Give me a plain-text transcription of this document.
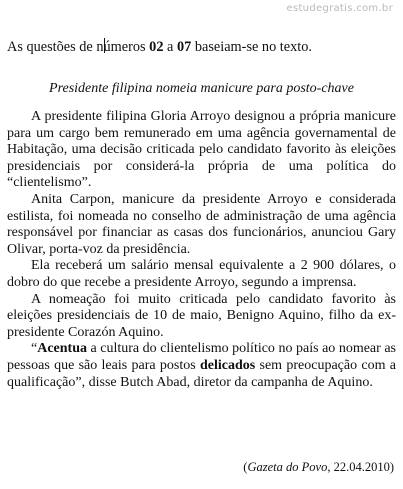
estudegratis.com.br
As questões de números 02 a 07 baseiam-se no texto.
Presidente filipina nomeia manicure para posto-chave

A presidente filipina Gloria Arroyo designou a própria manicure para um cargo bem remunerado em uma agência governamental de Habitação, uma decisão criticada pelo candidato favorito às eleições presidenciais por considerá-la própria de uma política do “clientelismo”.

Anita Carpon, manicure da presidente Arroyo e considerada estilista, foi nomeada no conselho de administração de uma agência responsável por financiar as casas dos funcionários, anunciou Gary Olivar, porta-voz da presidência.

Ela receberá um salário mensal equivalente a 2 900 dólares, o dobro do que recebe a presidente Arroyo, segundo a imprensa.

A nomeação foi muito criticada pelo candidato favorito às eleições presidenciais de 10 de maio, Benigno Aquino, filho da ex-presidente Corazón Aquino.

“Acentua a cultura do clientelismo político no país ao nomear as pessoas que são leais para postos delicados sem preocupação com a qualificação”, disse Butch Abad, diretor da campanha de Aquino.

(Gazeta do Povo, 22.04.2010)
